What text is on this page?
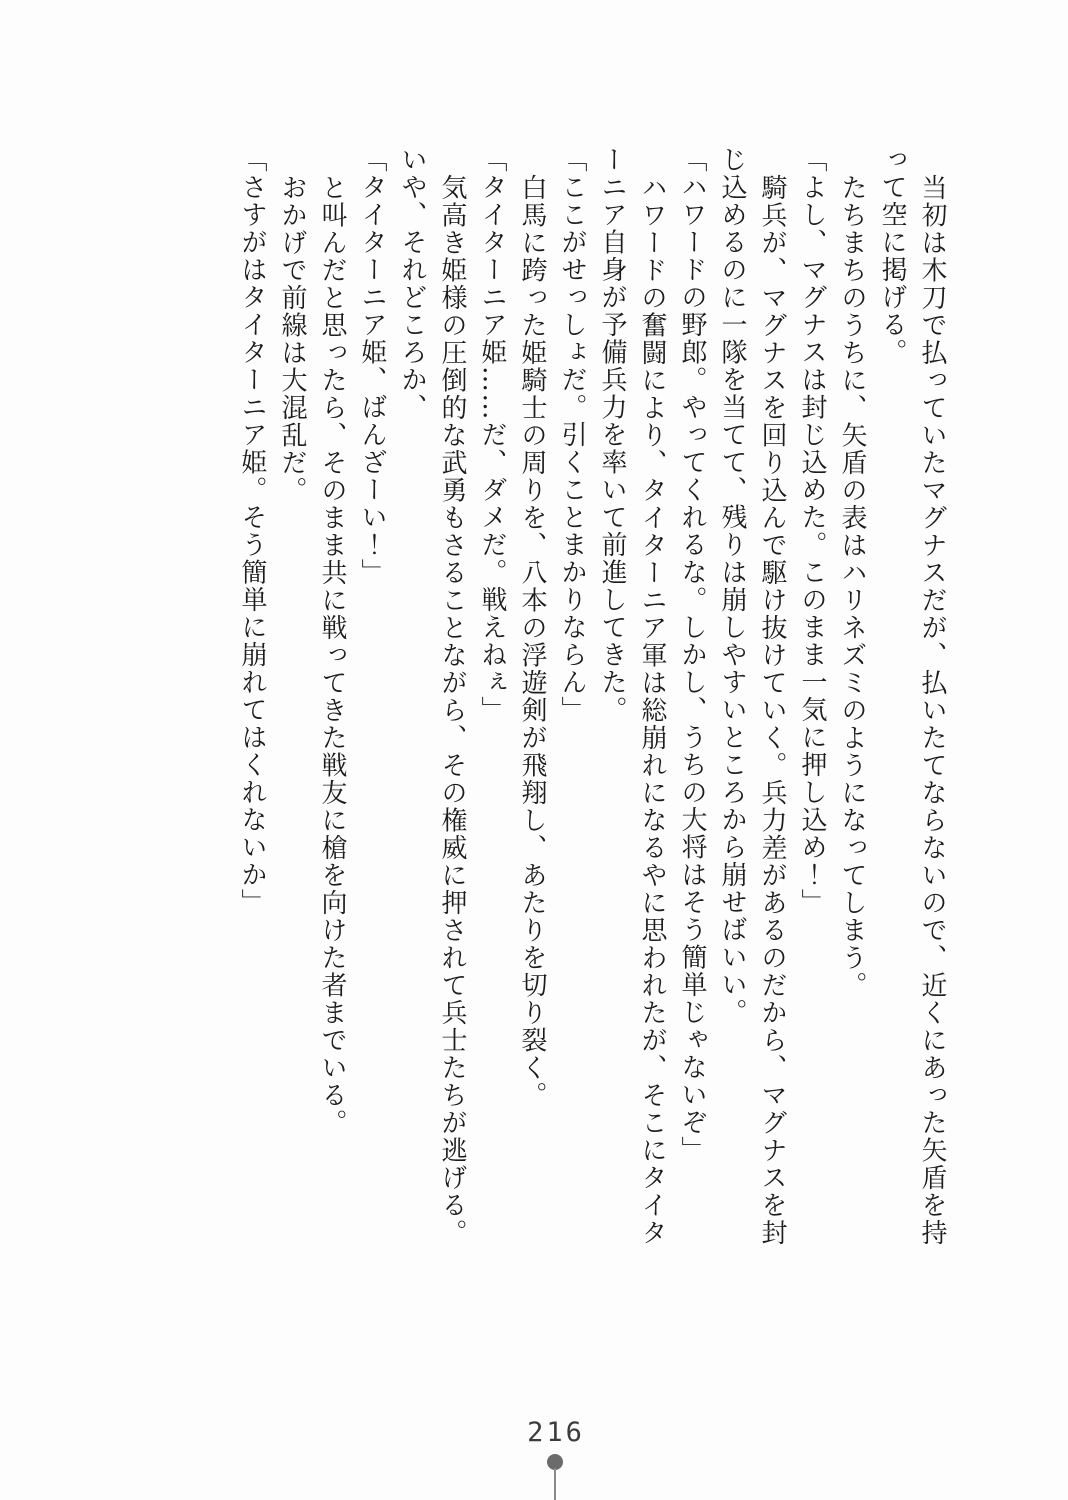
当初は木刀で払っていたマグナスだが、払いたてならないので、近くにあった矢盾を持

って空に掲げる。

たちまちのうちに、矢盾の表はハリネズミのようになってしまう。

「よし、マグナスは封じ込めた。このまま一気に押し込め！」

騎兵が、マグナスを回り込んで駆け抜けていく。兵力差があるのだから、マグナスを封

じ込めるのに一隊を当てて、残りは崩しやすいところから崩せばいい。

「ハワードの野郎。やってくれるな。しかし、うちの大将はそう簡単じゃないぞ」

ハワードの奮闘により、タイターニア軍は総崩れになるやに思われたが、そこにタイタ

ーニア自身が予備兵力を率いて前進してきた。

「ここがせっしょだ。引くことまかりならん」

白馬に跨った姫騎士の周りを、八本の浮遊剣が飛翔し、あたりを切り裂く。

「タイターニア姫……だ、ダメだ。戦えねぇ」

気高き姫様の圧倒的な武勇もさることながら、その権威に押されて兵士たちが逃げる。

いや、それどころか、

「タイターニア姫、ばんざーい！」

と叫んだと思ったら、そのまま共に戦ってきた戦友に槍を向けた者までいる。

おかげで前線は大混乱だ。

「さすがはタイターニア姫。そう簡単に崩れてはくれないか」

216
